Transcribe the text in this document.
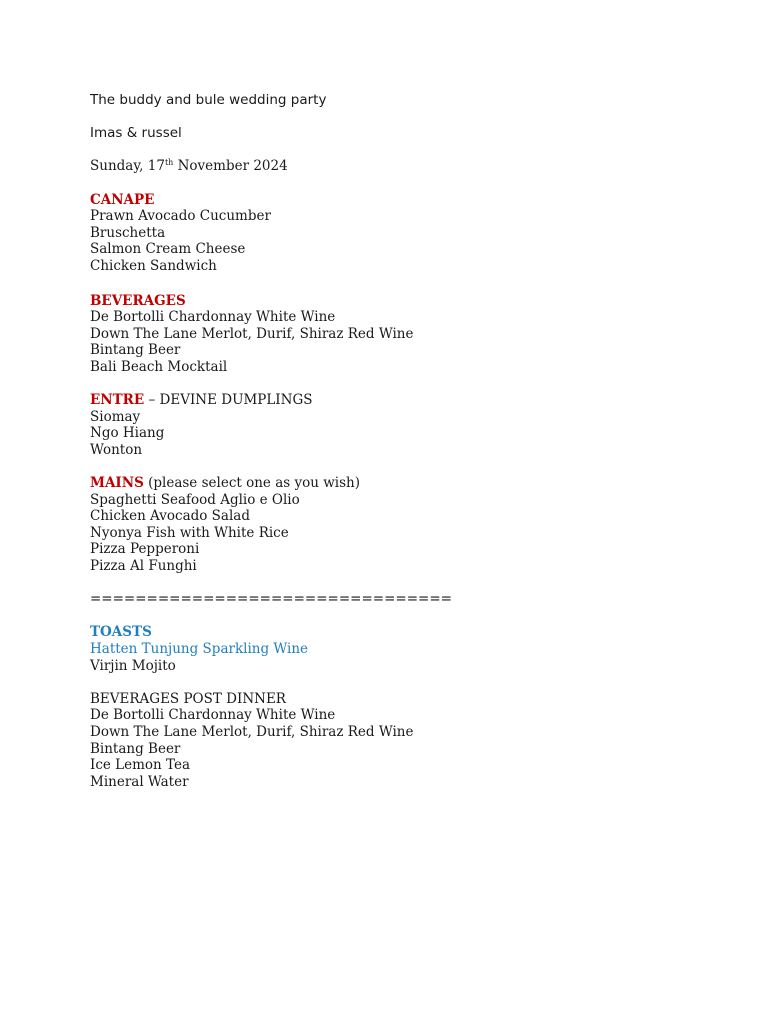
The buddy and bule wedding party
Imas & russel
Sunday, 17th November 2024
CANAPE
Prawn Avocado Cucumber
Bruschetta
Salmon Cream Cheese
Chicken Sandwich
BEVERAGES
De Bortolli Chardonnay White Wine
Down The Lane Merlot, Durif, Shiraz Red Wine
Bintang Beer
Bali Beach Mocktail
ENTRE – DEVINE DUMPLINGS
Siomay
Ngo Hiang
Wonton
MAINS (please select one as you wish)
Spaghetti Seafood Aglio e Olio
Chicken Avocado Salad
Nyonya Fish with White Rice
Pizza Pepperoni
Pizza Al Funghi
================================
TOASTS
Hatten Tunjung Sparkling Wine
Virjin Mojito
BEVERAGES POST DINNER
De Bortolli Chardonnay White Wine
Down The Lane Merlot, Durif, Shiraz Red Wine
Bintang Beer
Ice Lemon Tea
Mineral Water
